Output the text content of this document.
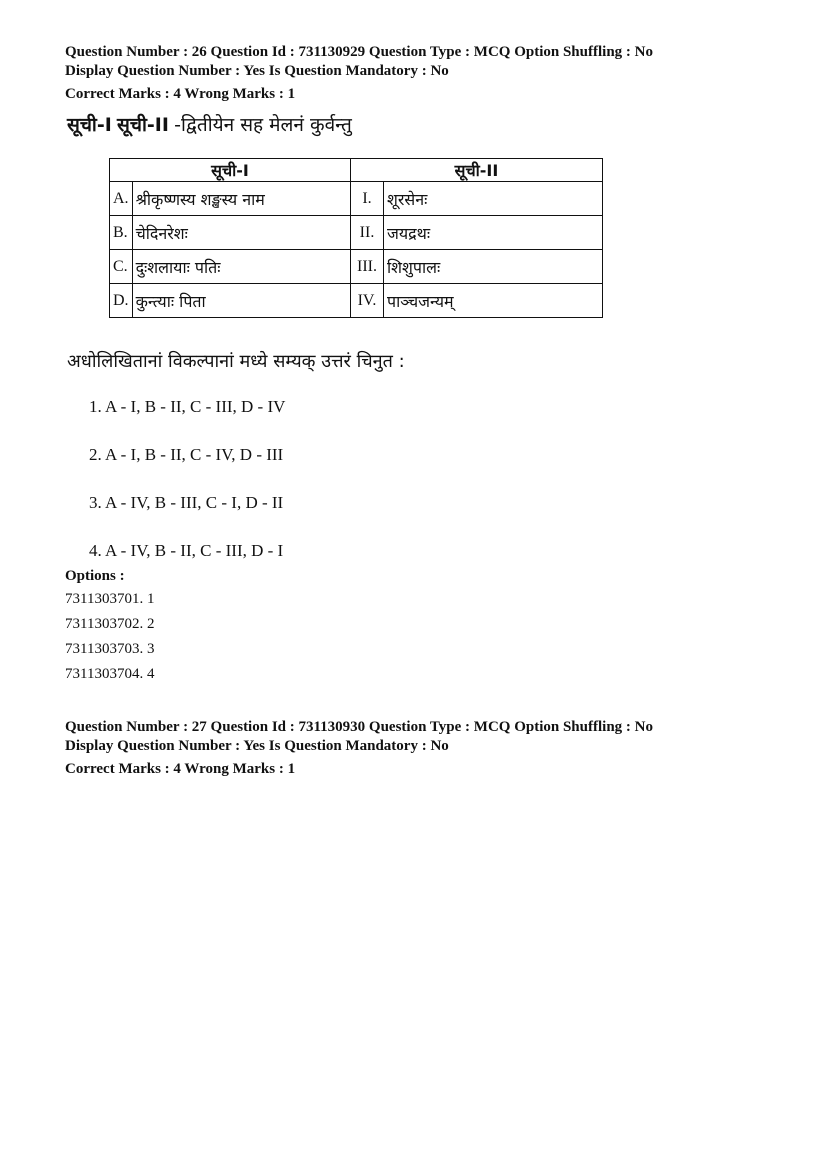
Question Number : 26 Question Id : 731130929 Question Type : MCQ Option Shuffling : No
Display Question Number : Yes Is Question Mandatory : No
Correct Marks : 4 Wrong Marks : 1
सूची-I सूची-II -द्वितीयेन सह मेलनं कुर्वन्तु
सूची-I		सूची-II	
A.	श्रीकृष्णस्य शङ्खस्य नाम	I.	शूरसेनः
B.	चेदिनरेशः	II.	जयद्रथः
C.	दुःशलायाः पतिः	III.	शिशुपालः
D.	कुन्त्याः पिता	IV.	पाञ्चजन्यम्
अधोलिखितानां विकल्पानां मध्ये सम्यक् उत्तरं चिनुत :
1. A - I, B - II, C - III, D - IV
2. A - I, B - II, C - IV, D - III
3. A - IV, B - III, C - I, D - II
4. A - IV, B - II, C - III, D - I
Options :
7311303701. 1
7311303702. 2
7311303703. 3
7311303704. 4
Question Number : 27 Question Id : 731130930 Question Type : MCQ Option Shuffling : No
Display Question Number : Yes Is Question Mandatory : No
Correct Marks : 4 Wrong Marks : 1
